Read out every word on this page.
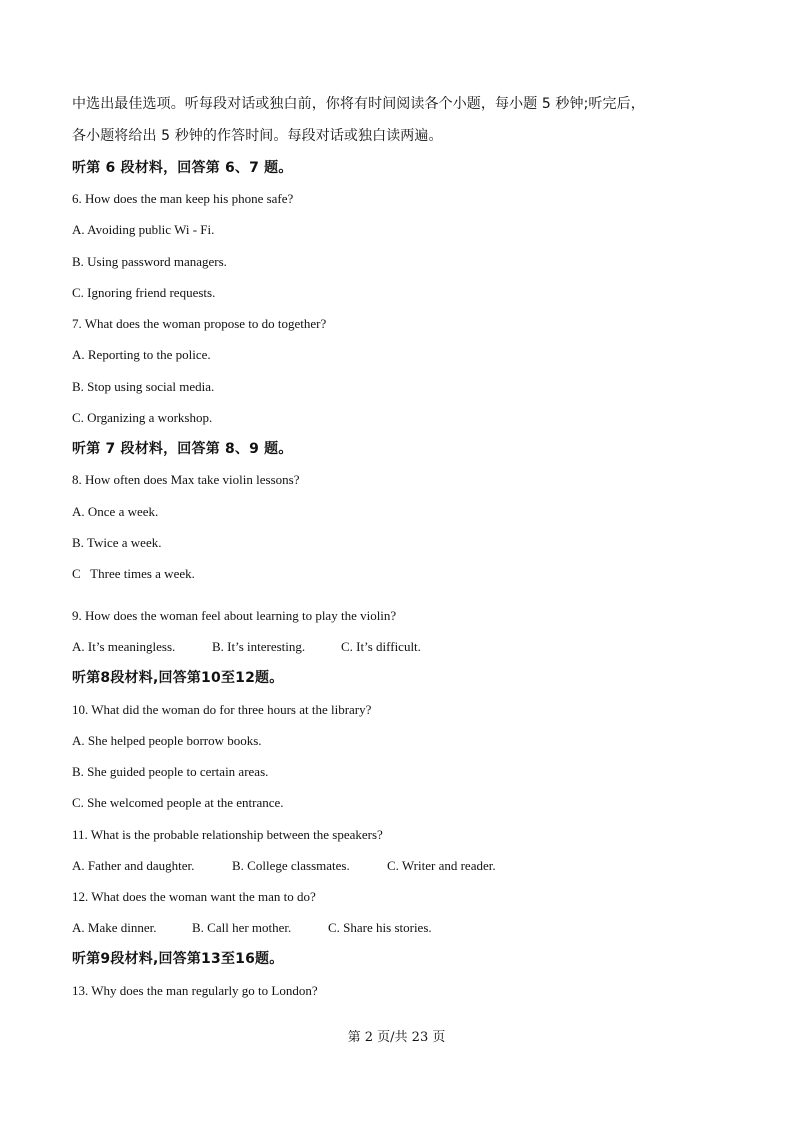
中选出最佳选项。听每段对话或独白前，你将有时间阅读各个小题，每小题 5 秒钟;听完后，
各小题将给出 5 秒钟的作答时间。每段对话或独白读两遍。
听第 6 段材料，回答第 6、7 题。
6. How does the man keep his phone safe?
A. Avoiding public Wi - Fi.
B. Using password managers.
C. Ignoring friend requests.
7. What does the woman propose to do together?
A. Reporting to the police.
B. Stop using social media.
C. Organizing a workshop.
听第 7 段材料，回答第 8、9 题。
8. How often does Max take violin lessons?
A. Once a week.
B. Twice a week.
C   Three times a week.
9. How does the woman feel about learning to play the violin?
A. It’s meaningless.	B. It’s interesting.	C. It’s difficult.
听第8段材料,回答第10至12题。
10. What did the woman do for three hours at the library?
A. She helped people borrow books.
B. She guided people to certain areas.
C. She welcomed people at the entrance.
11. What is the probable relationship between the speakers?
A. Father and daughter.	B. College classmates.	C. Writer and reader.
12. What does the woman want the man to do?
A. Make dinner.	B. Call her mother.	C. Share his stories.
听第9段材料,回答第13至16题。
13. Why does the man regularly go to London?
第 2 页/共 23 页
